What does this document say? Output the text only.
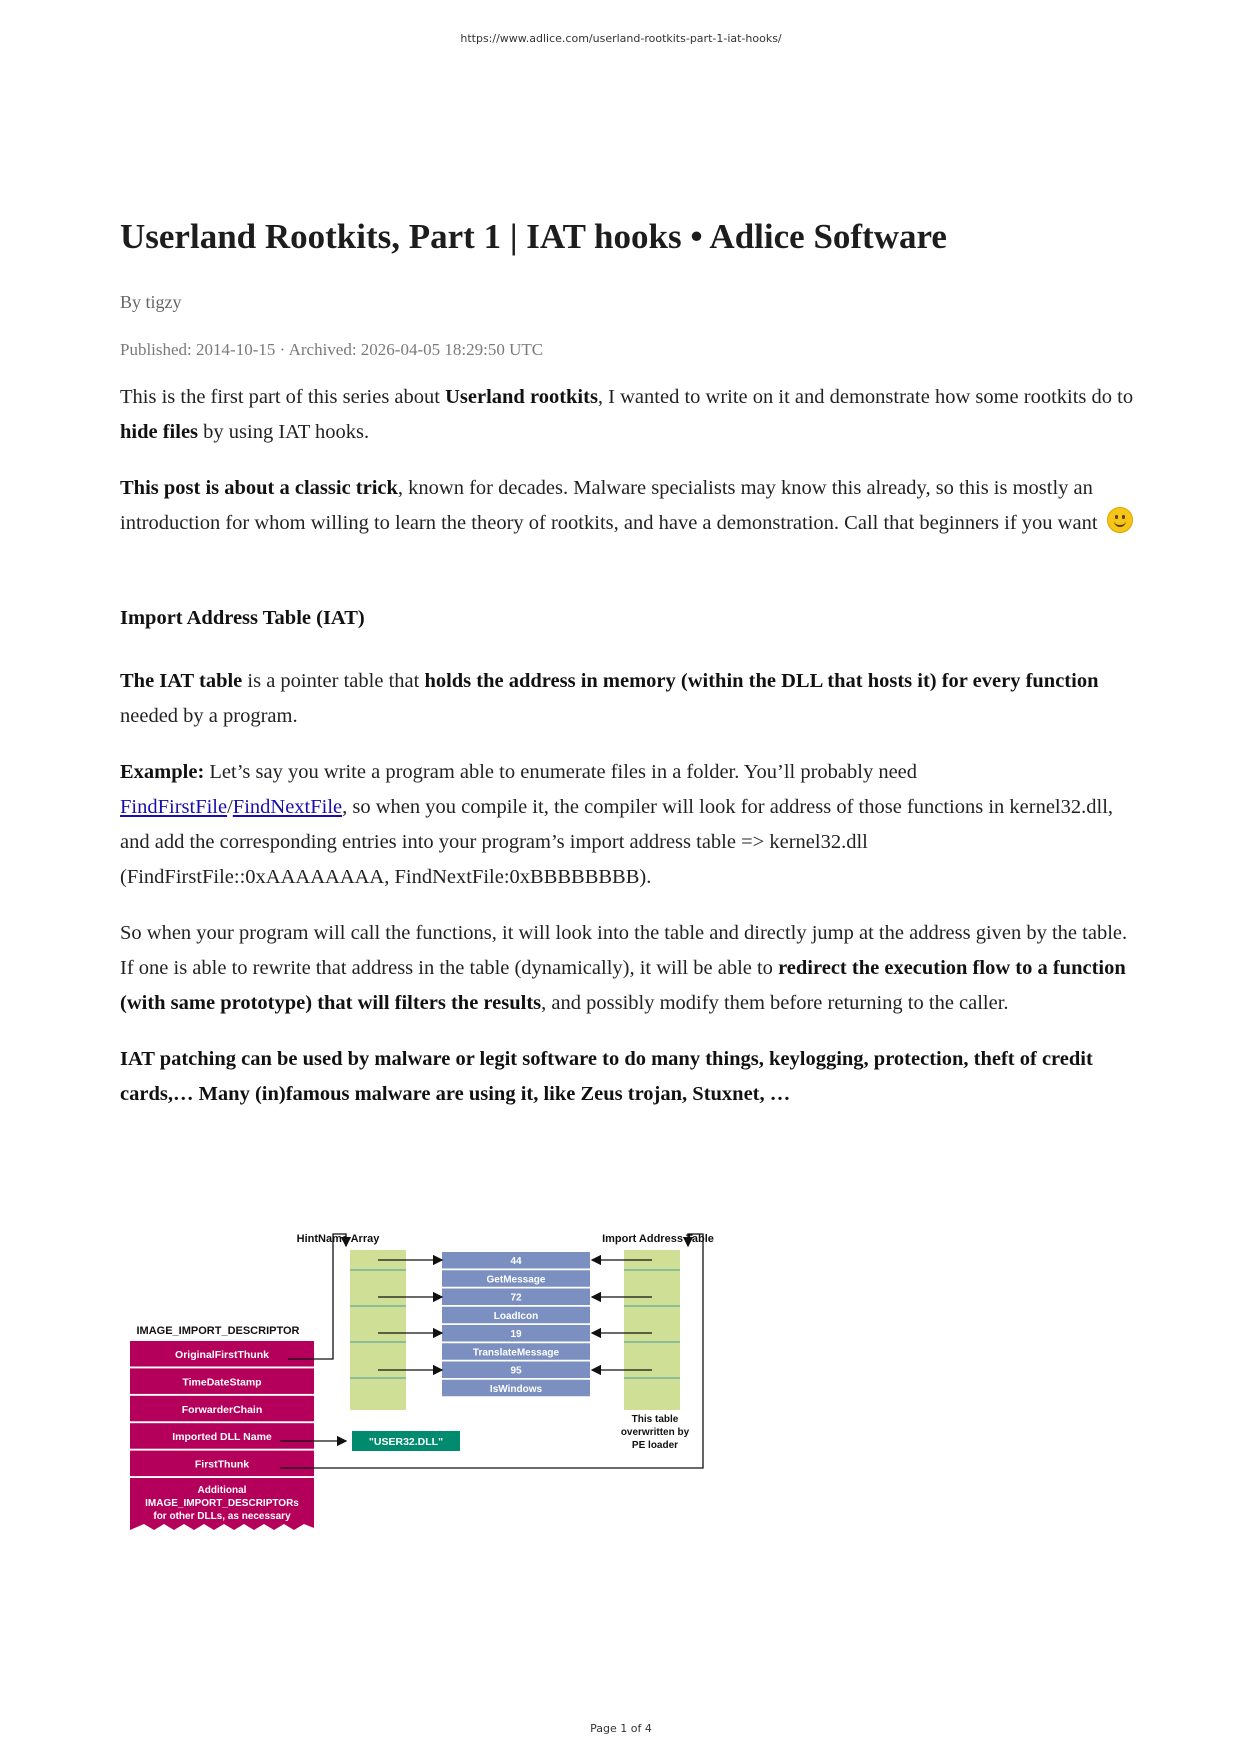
https://www.adlice.com/userland-rootkits-part-1-iat-hooks/
Userland Rootkits, Part 1 | IAT hooks • Adlice Software
By tigzy
Published: 2014-10-15 · Archived: 2026-04-05 18:29:50 UTC

This is the first part of this series about Userland rootkits, I wanted to write on it and demonstrate how some rootkits do to hide files by using IAT hooks.

This post is about a classic trick, known for decades. Malware specialists may know this already, so this is mostly an introduction for whom willing to learn the theory of rootkits, and have a demonstration. Call that beginners if you want

Import Address Table (IAT)

The IAT table is a pointer table that holds the address in memory (within the DLL that hosts it) for every function needed by a program.

Example: Let’s say you write a program able to enumerate files in a folder. You’ll probably need FindFirstFile/FindNextFile, so when you compile it, the compiler will look for address of those functions in kernel32.dll, and add the corresponding entries into your program’s import address table => kernel32.dll (FindFirstFile::0xAAAAAAAA, FindNextFile:0xBBBBBBBB).

So when your program will call the functions, it will look into the table and directly jump at the address given by the table. If one is able to rewrite that address in the table (dynamically), it will be able to redirect the execution flow to a function (with same prototype) that will filters the results, and possibly modify them before returning to the caller.

IAT patching can be used by malware or legit software to do many things, keylogging, protection, theft of credit cards,… Many (in)famous malware are using it, like Zeus trojan, Stuxnet, …

HintName Array	Import Address Table
44
GetMessage
72
LoadIcon
19
TranslateMessage
95
IsWindows
IMAGE_IMPORT_DESCRIPTOR
OriginalFirstThunk
TimeDateStamp
ForwarderChain
Imported DLL Name
FirstThunk
Additional
IMAGE_IMPORT_DESCRIPTORs
for other DLLs, as necessary
"USER32.DLL"
This table
overwritten by
PE loader
Page 1 of 4
